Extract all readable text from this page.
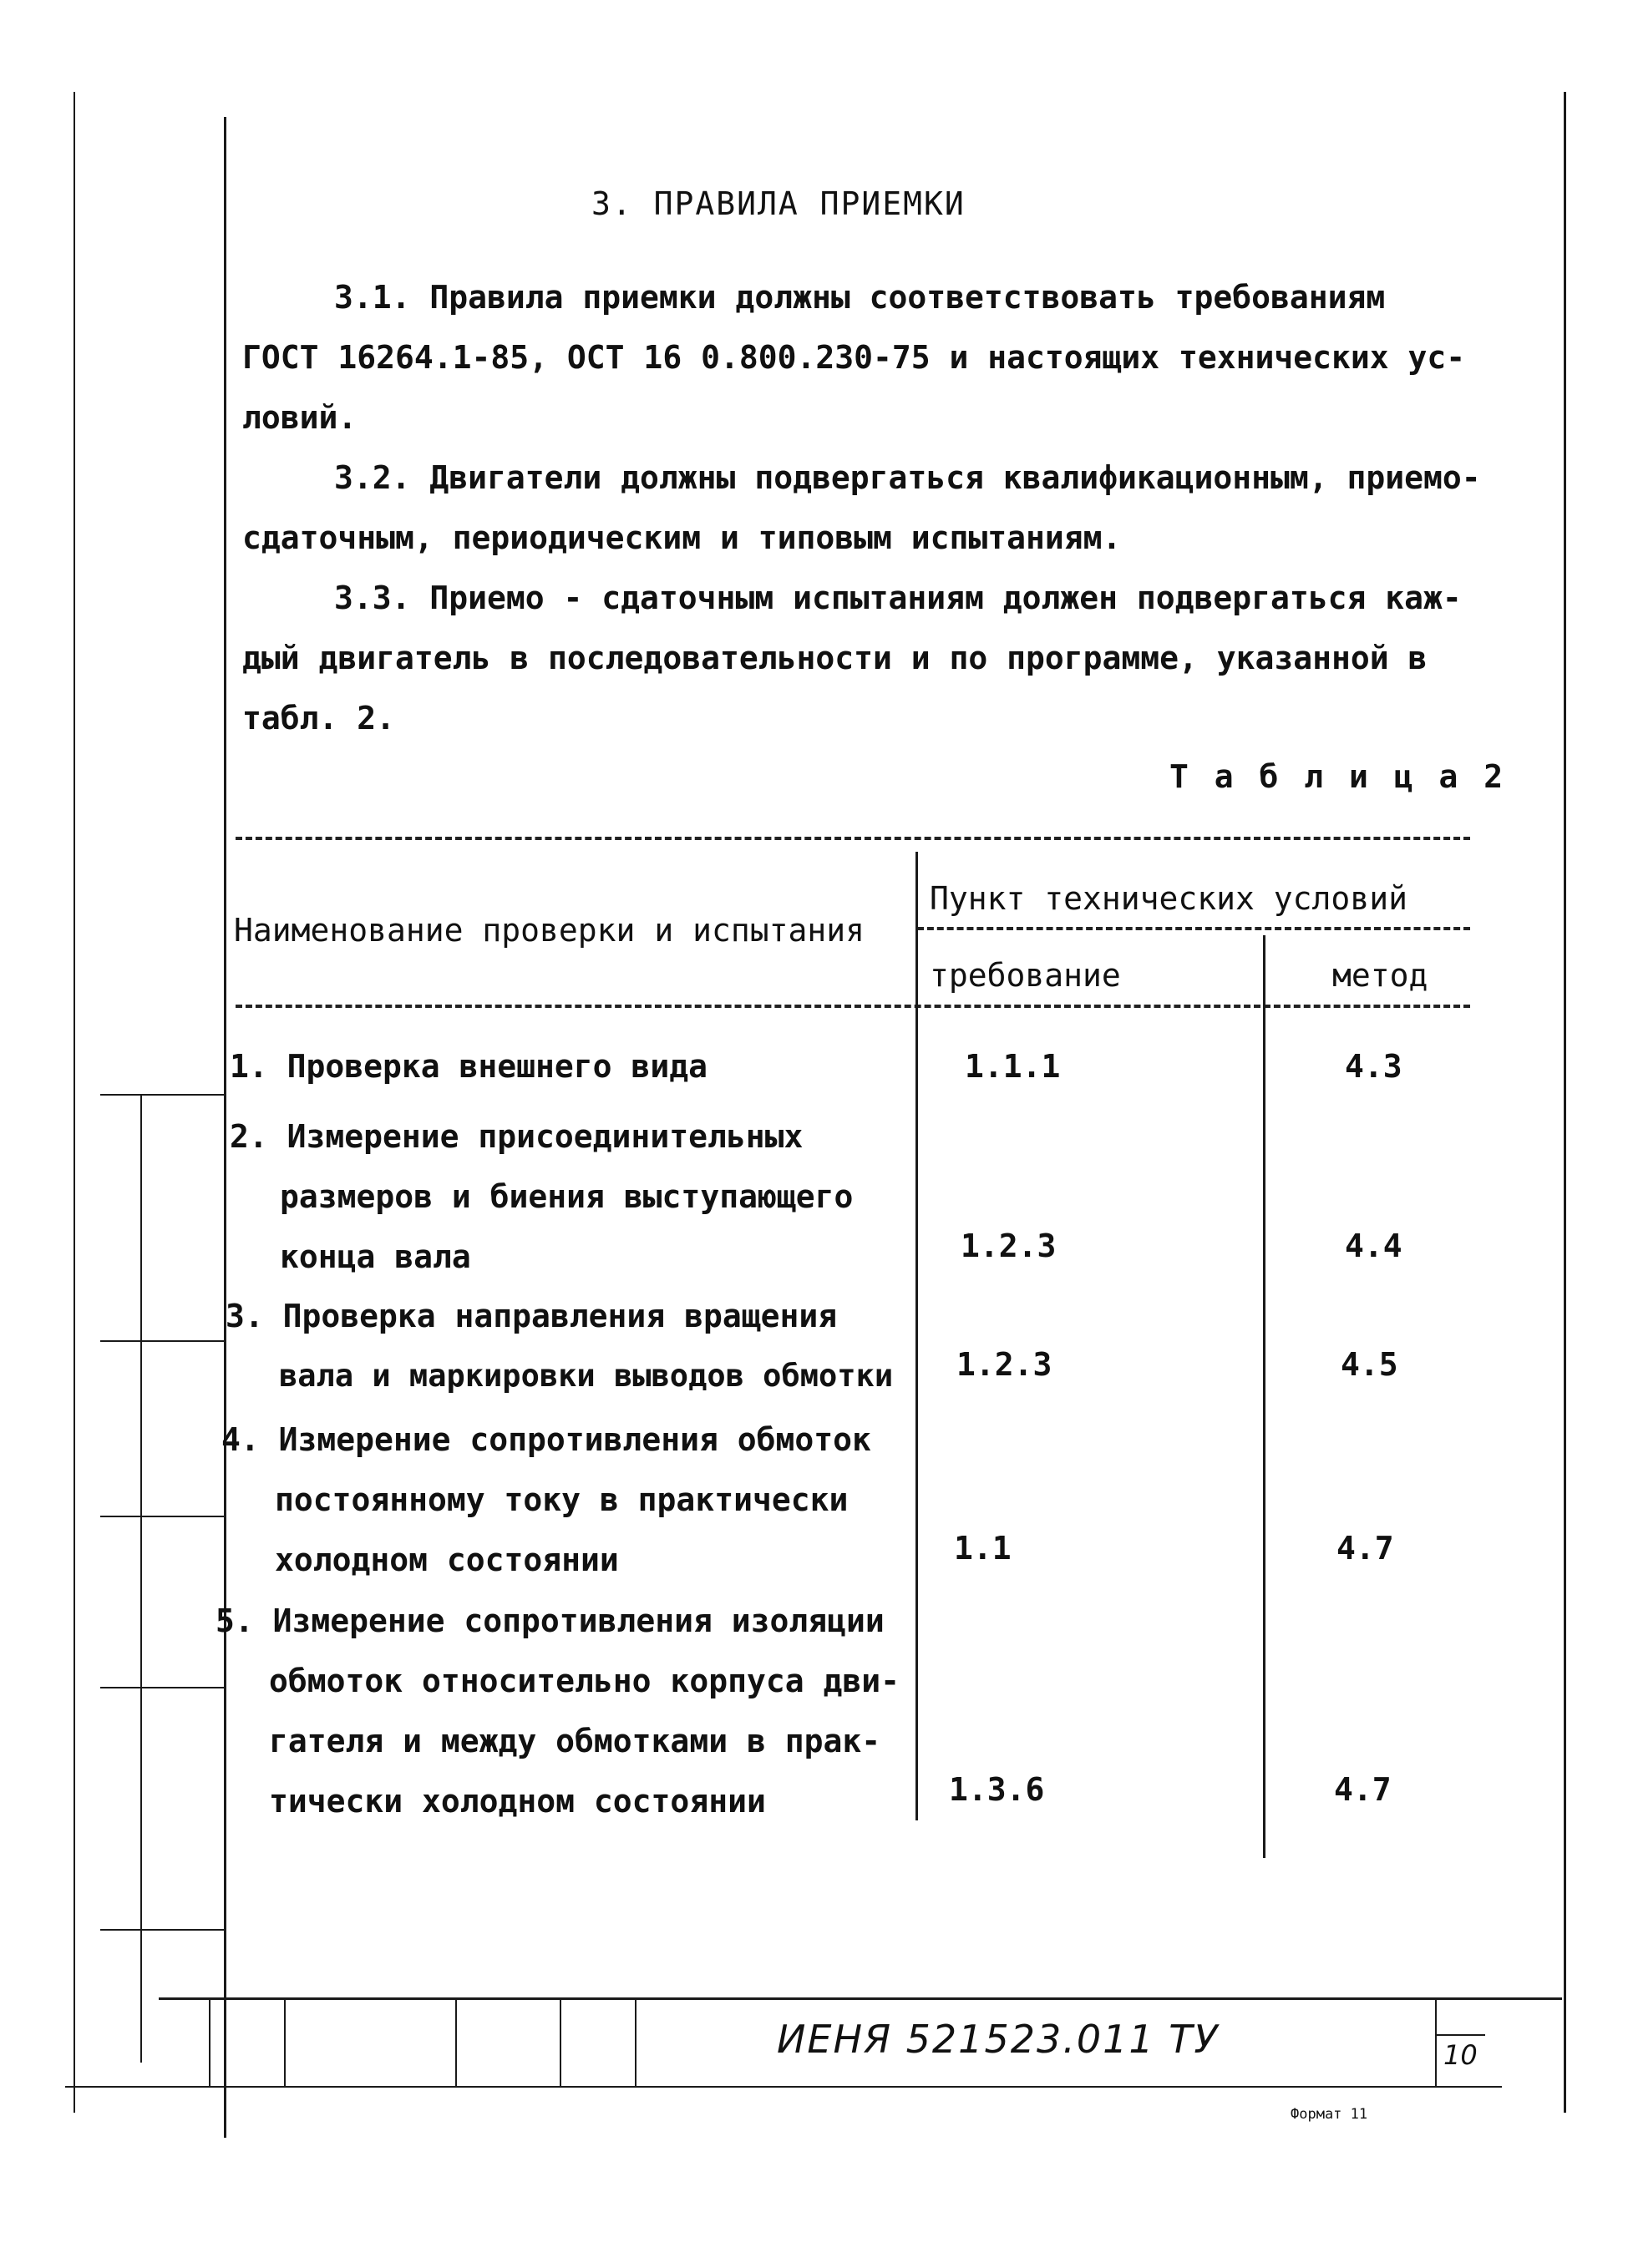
3. ПРАВИЛА ПРИЕМКИ
3.1. Правила приемки должны соответствовать требованиям
ГОСТ 16264.1-85, ОСТ 16 0.800.230-75 и настоящих технических ус-
ловий.
3.2. Двигатели должны подвергаться квалификационным, приемо-
сдаточным, периодическим и типовым испытаниям.
3.3. Приемо - сдаточным испытаниям должен подвергаться каж-
дый двигатель в последовательности и по программе, указанной в
табл. 2.
Т а б л и ц а 2
Наименование проверки и испытания
Пункт технических условий
требование	метод
1. Проверка внешнего вида	1.1.1	4.3
2. Измерение присоединительных
размеров и биения выступающего
конца вала	1.2.3	4.4
3. Проверка направления вращения
вала и маркировки выводов обмотки 1.2.3	4.5
4. Измерение сопротивления обмоток
постоянному току в практически
холодном состоянии	1.1	4.7
5. Измерение сопротивления изоляции
обмоток относительно корпуса дви-
гателя и между обмотками в прак-
тически холодном состоянии	1.3.6	4.7
ИЕНЯ 521523.011 ТУ	10
Формат 11
